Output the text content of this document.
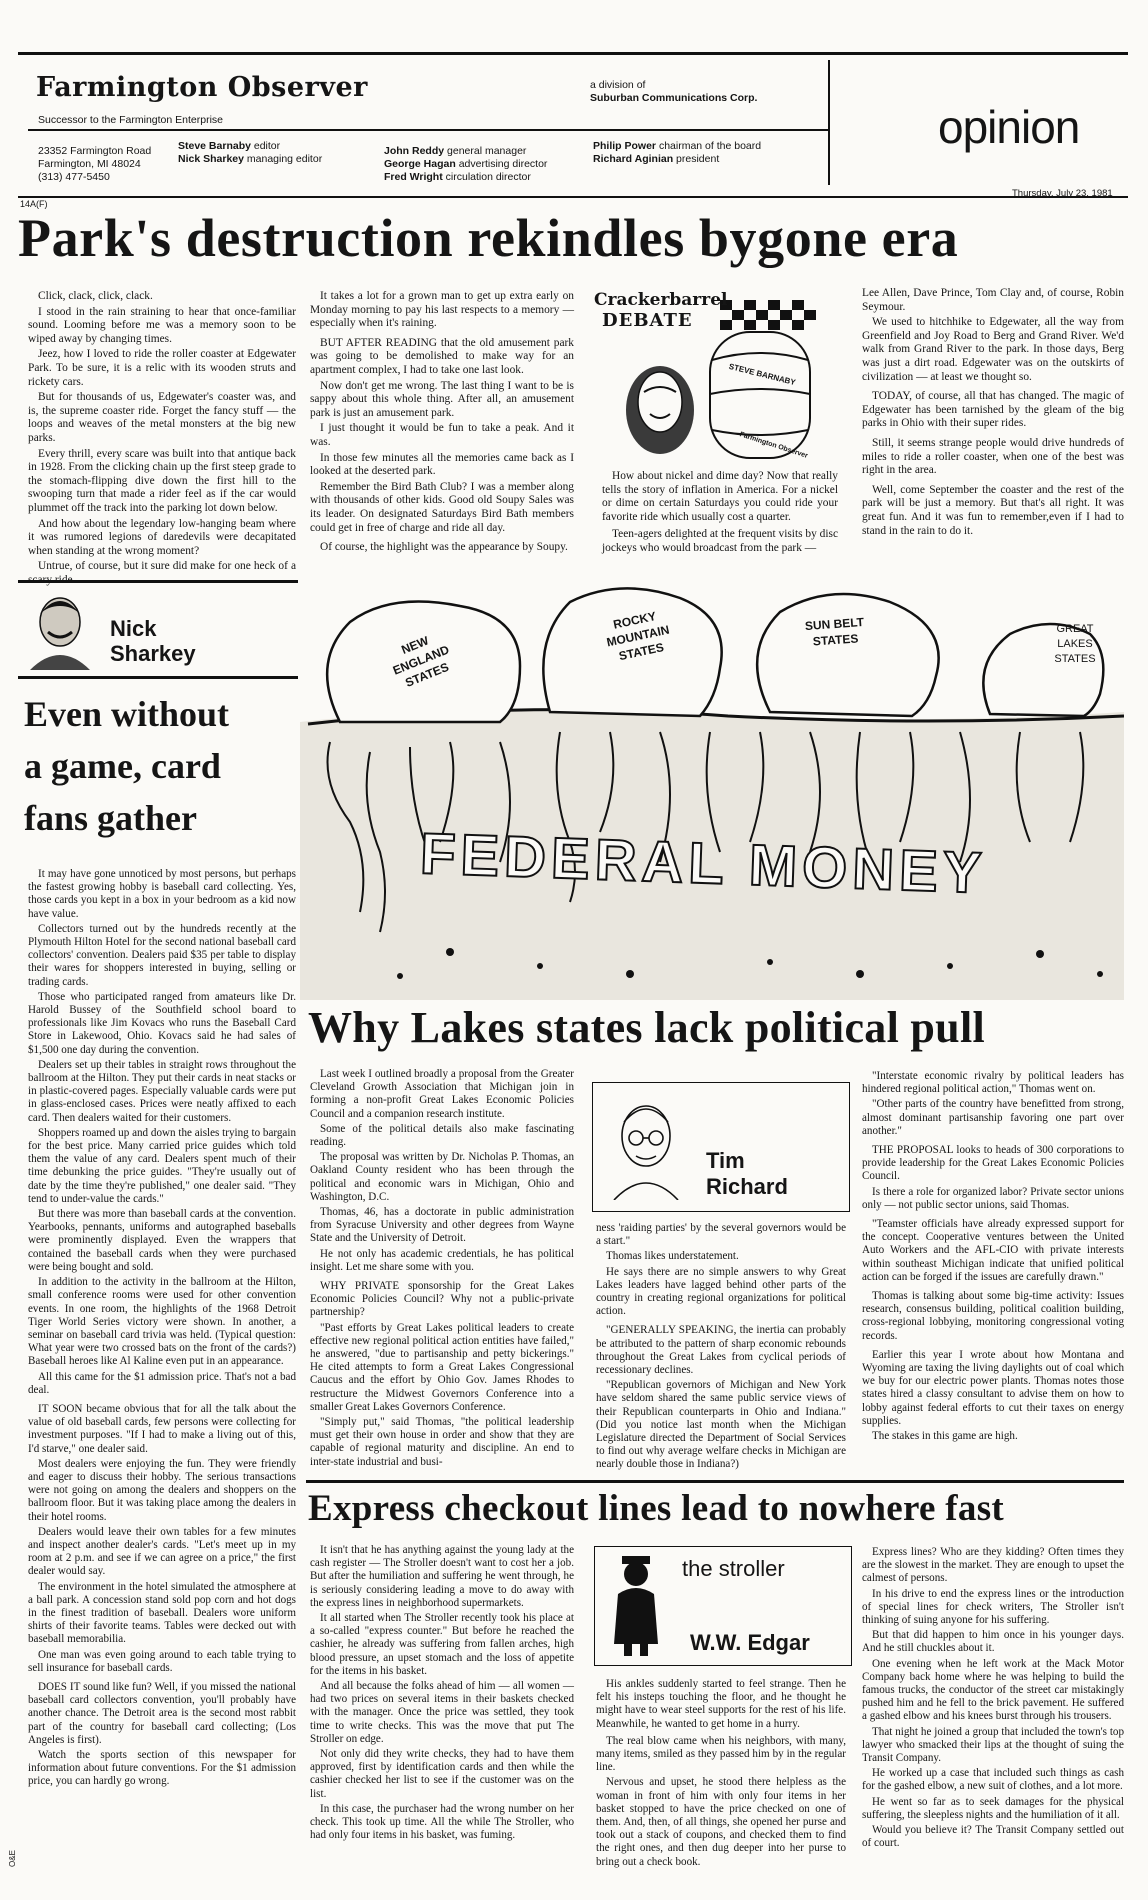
Farmington Observer
Successor to the Farmington Enterprise
a division of
Suburban Communications Corp.
23352 Farmington Road
Farmington, MI 48024
(313) 477-5450
Steve Barnaby editor
Nick Sharkey managing editor
John Reddy general manager
George Hagan advertising director
Fred Wright circulation director
Philip Power chairman of the board
Richard Aginian president
opinion
14A(F)
Thursday, July 23, 1981
Park's destruction rekindles bygone era

Click, clack, click, clack.

I stood in the rain straining to hear that once-familiar sound. Looming before me was a memory soon to be wiped away by changing times.

Jeez, how I loved to ride the roller coaster at Edgewater Park. To be sure, it is a relic with its wooden struts and rickety cars.

But for thousands of us, Edgewater's coaster was, and is, the supreme coaster ride. Forget the fancy stuff — the loops and weaves of the metal monsters at the big new parks.

Every thrill, every scare was built into that antique back in 1928. From the clicking chain up the first steep grade to the stomach-flipping dive down the first hill to the swooping turn that made a rider feel as if the car would plummet off the track into the parking lot down below.

And how about the legendary low-hanging beam where it was rumored legions of daredevils were decapitated when standing at the wrong moment?

Untrue, of course, but it sure did make for one heck of a

It takes a lot for a grown man to get up extra early on Monday morning to pay his last respects to a memory — especially when it's raining.

BUT AFTER READING that the old amusement park was going to be demolished to make way for an apartment complex, I had to take one last look.

Now don't get me wrong. The last thing I want to be is sappy about this whole thing. After all, an amusement park is just an amusement park.

I just thought it would be fun to take a peak. And it was.

In those few minutes all the memories came back as I looked at the deserted park.

Remember the Bird Bath Club? I was a member along with thousands of other kids. Good old Soupy Sales was its leader. On designated Saturdays Bird Bath members could get in free of charge and ride all day.

Of course, the highlight was the appearance by Soupy.

Crackerbarrel
DEBATE
STEVE BARNABY
Farmington Observer

How about nickel and dime day? Now that really tells the story of inflation in America. For a nickel or dime on certain Saturdays you could ride your favorite ride which usually cost a quarter.

Teen-agers delighted at the frequent visits by disc jockeys who would broadcast from the park —

Lee Allen, Dave Prince, Tom Clay and, of course, Robin Seymour.

We used to hitchhike to Edgewater, all the way from Greenfield and Joy Road to Berg and Grand River. We'd walk from Grand River to the park. In those days, Berg was just a dirt road. Edgewater was on the outskirts of civilization — at least we thought so.

TODAY, of course, all that has changed. The magic of Edgewater has been tarnished by the gleam of the big parks in Ohio with their super rides.

Still, it seems strange people would drive hundreds of miles to ride a roller coaster, when one of the best was right in the area.

Well, come September the coaster and the rest of the park will be just a memory. But that's all right. It was great fun. And it was fun to remember,even if I had to stand in the rain to do it.

NEW ENGLAND STATES
ROCKY MOUNTAIN STATES
SUN BELT STATES
GREAT LAKES STATES
FEDERAL MONEY
Nick
Sharkey
Even without
a game, card
fans gather

It may have gone unnoticed by most persons, but perhaps the fastest growing hobby is baseball card collecting. Yes, those cards you kept in a box in your bedroom as a kid now have value.

Collectors turned out by the hundreds recently at the Plymouth Hilton Hotel for the second national baseball card collectors' convention. Dealers paid $35 per table to display their wares for shoppers interested in buying, selling or trading cards.

Those who participated ranged from amateurs like Dr. Harold Bussey of the Southfield school board to professionals like Jim Kovacs who runs the Baseball Card Store in Lakewood, Ohio. Kovacs said he had sales of $1,500 one day during the convention.

Dealers set up their tables in straight rows throughout the ballroom at the Hilton. They put their cards in neat stacks or in plastic-covered pages. Especially valuable cards were put in glass-enclosed cases. Prices were neatly affixed to each card. Then dealers waited for their customers.

Shoppers roamed up and down the aisles trying to bargain for the best price. Many carried price guides which told them the value of any card. Dealers spent much of their time debunking the price guides. "They're usually out of date by the time they're published," one dealer said. "They tend to under-value the cards."

But there was more than baseball cards at the convention. Yearbooks, pennants, uniforms and autographed baseballs were prominently displayed. Even the wrappers that contained the baseball cards when they were purchased were being bought and sold.

In addition to the activity in the ballroom at the Hilton, small conference rooms were used for other convention events. In one room, the highlights of the 1968 Detroit Tiger World Series victory were shown. In another, a seminar on baseball card trivia was held. (Typical question: What year were two crossed bats on the front of the cards?) Baseball heroes like Al Kaline even put in an appearance.

All this came for the $1 admission price. That's not a bad deal.

IT SOON became obvious that for all the talk about the value of old baseball cards, few persons were collecting for investment purposes. "If I had to make a living out of this, I'd starve," one dealer said.

Most dealers were enjoying the fun. They were friendly and eager to discuss their hobby. The serious transactions were not going on among the dealers and shoppers on the ballroom floor. But it was taking place among the dealers in their hotel rooms.

Dealers would leave their own tables for a few minutes and inspect another dealer's cards. "Let's meet up in my room at 2 p.m. and see if we can agree on a price," the first dealer would say.

The environment in the hotel simulated the atmosphere at a ball park. A concession stand sold pop corn and hot dogs in the finest tradition of baseball. Dealers wore uniform shirts of their favorite teams. Tables were decked out with baseball memorabilia.

One man was even going around to each table trying to sell insurance for baseball cards.

DOES IT sound like fun? Well, if you missed the national baseball card collectors convention, you'll probably have another chance. The Detroit area is the second most rabbit part of the country for baseball card collecting; (Los Angeles is first).

Watch the sports section of this newspaper for information about future conventions. For the $1 admission price, you can hardly go wrong.

O&E
Why Lakes states lack political pull

Last week I outlined broadly a proposal from the Greater Cleveland Growth Association that Michigan join in forming a non-profit Great Lakes Economic Policies Council and a companion research institute.

Some of the political details also make fascinating reading.

The proposal was written by Dr. Nicholas P. Thomas, an Oakland County resident who has been through the political and economic wars in Michigan, Ohio and Washington, D.C.

Thomas, 46, has a doctorate in public administration from Syracuse University and other degrees from Wayne State and the University of Detroit.

He not only has academic credentials, he has political insight. Let me share some with you.

WHY PRIVATE sponsorship for the Great Lakes Economic Policies Council? Why not a public-private partnership?

"Past efforts by Great Lakes political leaders to create effective new regional political action entities have failed," he answered, "due to partisanship and petty bickerings." He cited attempts to form a Great Lakes Congressional Caucus and the effort by Ohio Gov. James Rhodes to restructure the Midwest Governors Conference into a smaller Great Lakes Governors Conference.

"Simply put," said Thomas, "the political leadership must get their own house in order and show that they are capable of regional maturity and discipline. An end to inter-state industrial and busi-

Tim
Richard

ness 'raiding parties' by the several governors would be a start."

Thomas likes understatement.

He says there are no simple answers to why Great Lakes leaders have lagged behind other parts of the country in creating regional organizations for political action.

"GENERALLY SPEAKING, the inertia can probably be attributed to the pattern of sharp economic rebounds throughout the Great Lakes from cyclical periods of recessionary declines.

"Republican governors of Michigan and New York have seldom shared the same public service views of their Republican counterparts in Ohio and Indiana." (Did you notice last month when the Michigan Legislature directed the Department of Social Services to find out why average welfare checks in Michigan are nearly double those in Indiana?)

"Interstate economic rivalry by political leaders has hindered regional political action," Thomas went on.

"Other parts of the country have benefitted from strong, almost dominant partisanship favoring one part over another."

THE PROPOSAL looks to heads of 300 corporations to provide leadership for the Great Lakes Economic Policies Council.

Is there a role for organized labor? Private sector unions only — not public sector unions, said Thomas.

"Teamster officials have already expressed support for the concept. Cooperative ventures between the United Auto Workers and the AFL-CIO with private interests within southeast Michigan indicate that unified political action can be forged if the issues are carefully drawn."

Thomas is talking about some big-time activity: Issues research, consensus building, political coalition building, cross-regional lobbying, monitoring congressional voting records.

Earlier this year I wrote about how Montana and Wyoming are taxing the living daylights out of coal which we buy for our electric power plants. Thomas notes those states hired a classy consultant to advise them on how to lobby against federal efforts to cut their taxes on energy supplies.

The stakes in this game are high.

Express checkout lines lead to nowhere fast

It isn't that he has anything against the young lady at the cash register — The Stroller doesn't want to cost her a job. But after the humiliation and suffering he went through, he is seriously considering leading a move to do away with the express lines in neighborhood supermarkets.

It all started when The Stroller recently took his place at a so-called "express counter." But before he reached the cashier, he already was suffering from fallen arches, high blood pressure, an upset stomach and the loss of appetite for the items in his basket.

And all because the folks ahead of him — all women — had two prices on several items in their baskets checked with the manager. Once the price was settled, they took time to write checks. This was the move that put The Stroller on edge.

Not only did they write checks, they had to have them approved, first by identification cards and then while the cashier checked her list to see if the customer was on the list.

In this case, the purchaser had the wrong number on her check. This took up time. All the while The Stroller, who had only four items in his basket, was fuming.

the stroller
W.W. Edgar

His ankles suddenly started to feel strange. Then he felt his insteps touching the floor, and he thought he might have to wear steel supports for the rest of his life. Meanwhile, he wanted to get home in a hurry.

The real blow came when his neighbors, with many, many items, smiled as they passed him by in the regular line.

Nervous and upset, he stood there helpless as the woman in front of him with only four items in her basket stopped to have the price checked on one of them. And, then, of all things, she opened her purse and took out a stack of coupons, and checked them to find the right ones, and then dug deeper into her purse to bring out a check book.

Express lines? Who are they kidding? Often times they are the slowest in the market. They are enough to upset the calmest of persons.

In his drive to end the express lines or the introduction of special lines for check writers, The Stroller isn't thinking of suing anyone for his suffering.

But that did happen to him once in his younger days. And he still chuckles about it.

One evening when he left work at the Mack Motor Company back home where he was helping to build the famous trucks, the conductor of the street car mistakingly pushed him and he fell to the brick pavement. He suffered a gashed elbow and his knees burst through his trousers.

That night he joined a group that included the town's top lawyer who smacked their lips at the thought of suing the Transit Company.

He worked up a case that included such things as cash for the gashed elbow, a new suit of clothes, and a lot more.

He went so far as to seek damages for the physical suffering, the sleepless nights and the humiliation of it all.

Would you believe it? The Transit Company settled out of court.
